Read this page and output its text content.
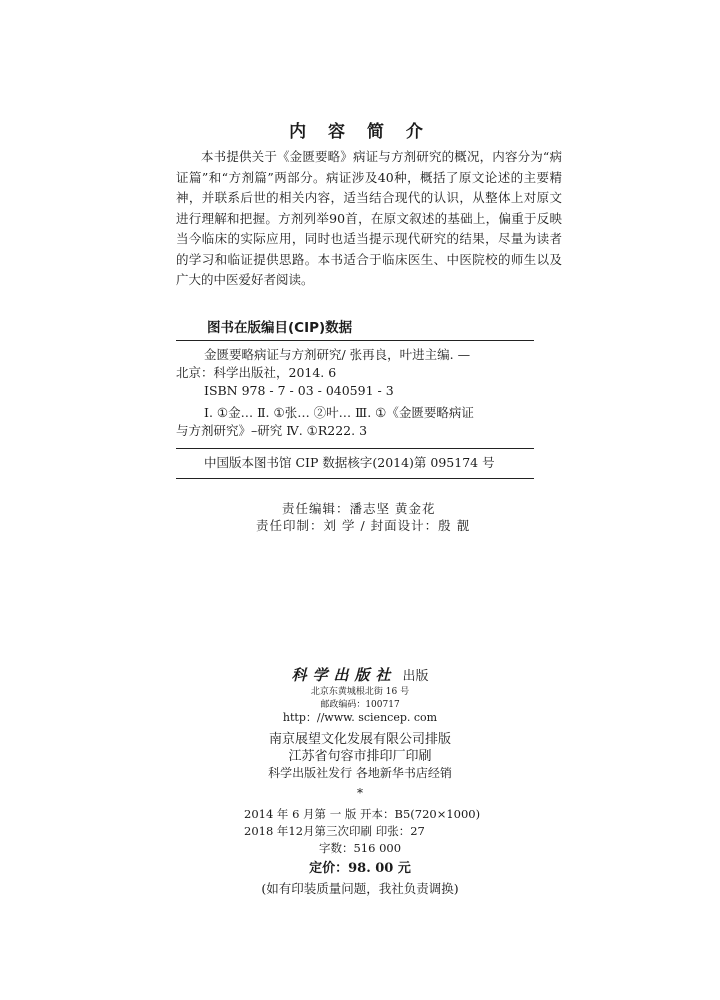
内 容 简 介

本书提供关于《金匮要略》病证与方剂研究的概况，内容分为“病证篇”和“方剂篇”两部分。病证涉及40种，概括了原文论述的主要精神，并联系后世的相关内容，适当结合现代的认识，从整体上对原文进行理解和把握。方剂列举90首，在原文叙述的基础上，偏重于反映当今临床的实际应用，同时也适当提示现代研究的结果，尽量为读者的学习和临证提供思路。本书适合于临床医生、中医院校的师生以及广大的中医爱好者阅读。

图书在版编目(CIP)数据
金匮要略病证与方剂研究/ 张再良，叶进主编. —
北京：科学出版社，2014. 6
ISBN 978 - 7 - 03 - 040591 - 3
Ⅰ. ①金… Ⅱ. ①张… ②叶… Ⅲ. ①《金匮要略病证
与方剂研究》–研究 Ⅳ. ①R222. 3
中国版本图书馆 CIP 数据核字(2014)第 095174 号
责任编辑：潘志坚 黄金花
责任印制：刘 学 / 封面设计：殷 靓
科学出版社 出版
北京东黄城根北街 16 号
邮政编码：100717
http：//www. sciencep. com
南京展望文化发展有限公司排版
江苏省句容市排印厂印刷
科学出版社发行 各地新华书店经销
*
2014 年 6 月第 一 版 开本：B5(720×1000)
2018 年12月第三次印刷 印张：27
字数：516 000
定价：98. 00 元
(如有印装质量问题，我社负责调换)
